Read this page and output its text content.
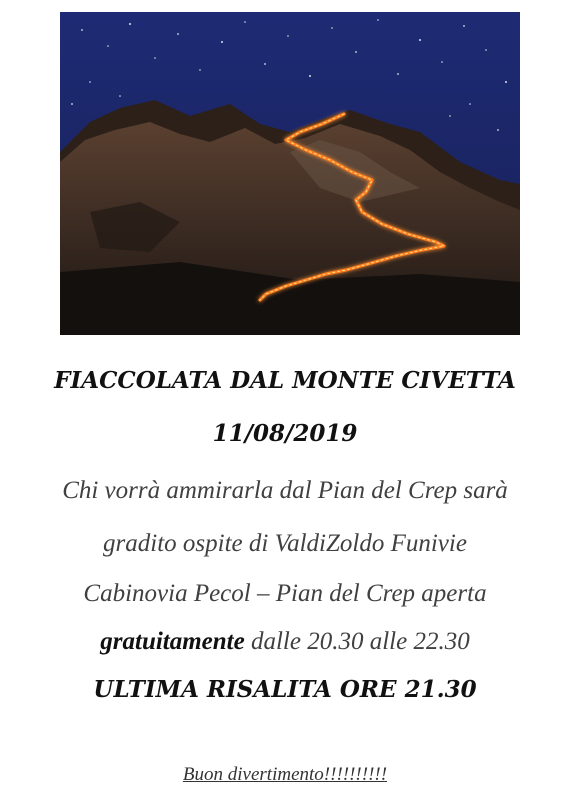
FIACCOLATA DAL MONTE CIVETTA

11/08/2019

Chi vorrà ammirarla dal Pian del Crep sarà

gradito ospite di ValdiZoldo Funivie

Cabinovia Pecol – Pian del Crep aperta

gratuitamente dalle 20.30 alle 22.30

ULTIMA RISALITA ORE 21.30

Buon divertimento!!!!!!!!!!
